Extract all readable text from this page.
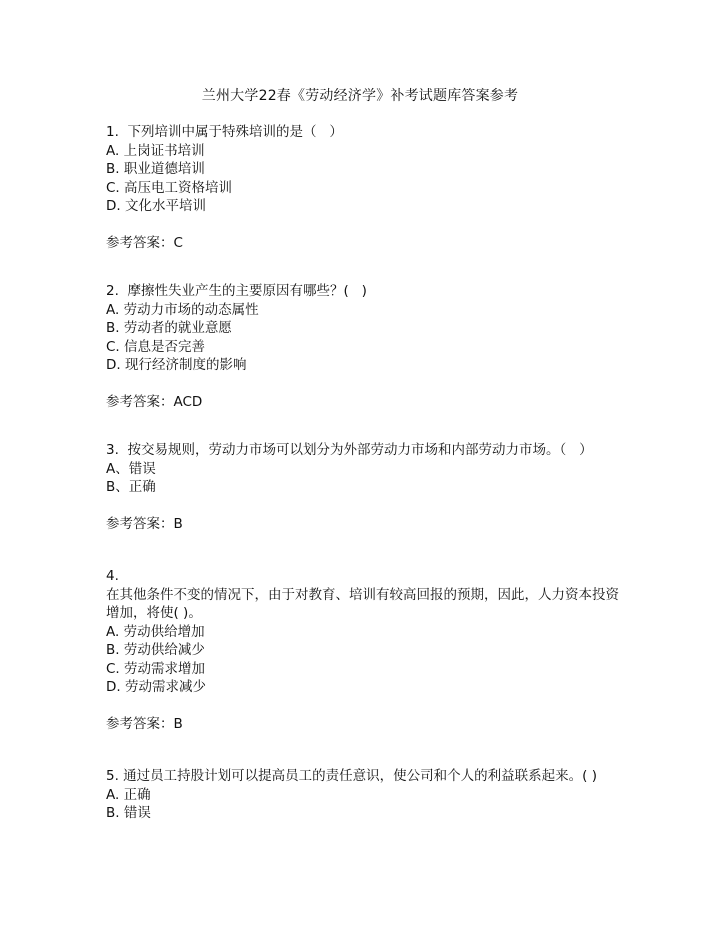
兰州大学22春《劳动经济学》补考试题库答案参考
1.  下列培训中属于特殊培训的是（   ）
A. 上岗证书培训
B. 职业道德培训
C. 高压电工资格培训
D. 文化水平培训
参考答案：C
2.  摩擦性失业产生的主要原因有哪些？(   )
A. 劳动力市场的动态属性
B. 劳动者的就业意愿
C. 信息是否完善
D. 现行经济制度的影响
参考答案：ACD
3.  按交易规则，劳动力市场可以划分为外部劳动力市场和内部劳动力市场。（   ）
A、错误
B、正确
参考答案：B
4.
在其他条件不变的情况下，由于对教育、培训有较高回报的预期，因此，人力资本投资增加，将使( )。
A. 劳动供给增加
B. 劳动供给减少
C. 劳动需求增加
D. 劳动需求减少
参考答案：B
5. 通过员工持股计划可以提高员工的责任意识，使公司和个人的利益联系起来。( )
A. 正确
B. 错误
